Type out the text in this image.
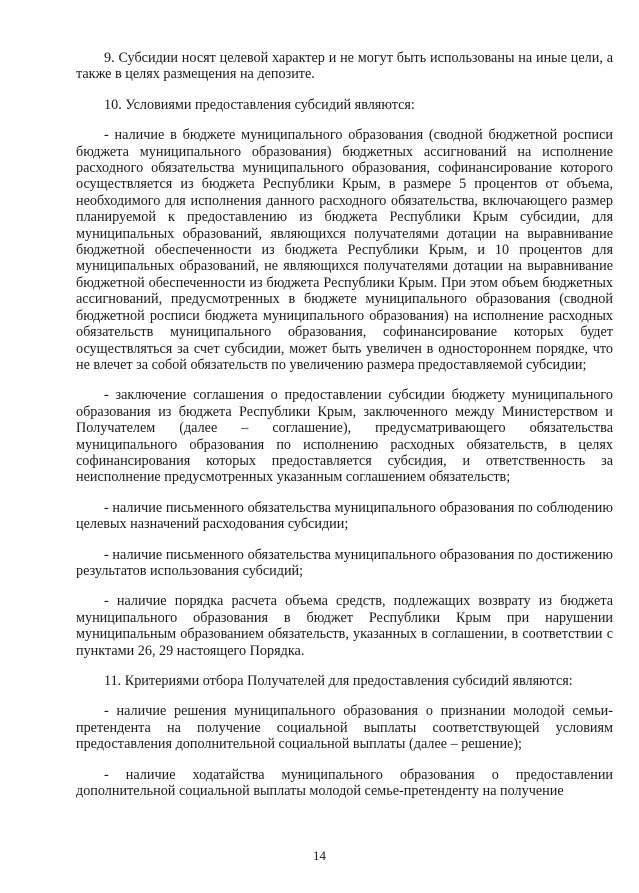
9. Субсидии носят целевой характер и не могут быть использованы на иные цели, а также в целях размещения на депозите.

10. Условиями предоставления субсидий являются:

- наличие в бюджете муниципального образования (сводной бюджетной росписи бюджета муниципального образования) бюджетных ассигнований на исполнение расходного обязательства муниципального образования, софинансирование которого осуществляется из бюджета Республики Крым, в размере 5 процентов от объема, необходимого для исполнения данного расходного обязательства, включающего размер планируемой к предоставлению из бюджета Республики Крым субсидии, для муниципальных образований, являющихся получателями дотации на выравнивание бюджетной обеспеченности из бюджета Республики Крым, и 10 процентов для муниципальных образований, не являющихся получателями дотации на выравнивание бюджетной обеспеченности из бюджета Республики Крым. При этом объем бюджетных ассигнований, предусмотренных в бюджете муниципального образования (сводной бюджетной росписи бюджета муниципального образования) на исполнение расходных обязательств муниципального образования, софинансирование которых будет осуществляться за счет субсидии, может быть увеличен в одностороннем порядке, что не влечет за собой обязательств по увеличению размера предоставляемой субсидии;

- заключение соглашения о предоставлении субсидии бюджету муниципального образования из бюджета Республики Крым, заключенного между Министерством и Получателем (далее – соглашение), предусматривающего обязательства муниципального образования по исполнению расходных обязательств, в целях софинансирования которых предоставляется субсидия, и ответственность за неисполнение предусмотренных указанным соглашением обязательств;

- наличие письменного обязательства муниципального образования по соблюдению целевых назначений расходования субсидии;

- наличие письменного обязательства муниципального образования по достижению результатов использования субсидий;

- наличие порядка расчета объема средств, подлежащих возврату из бюджета муниципального образования в бюджет Республики Крым при нарушении муниципальным образованием обязательств, указанных в соглашении, в соответствии с пунктами 26, 29 настоящего Порядка.

11. Критериями отбора Получателей для предоставления субсидий являются:

- наличие решения муниципального образования о признании молодой семьи-претендента на получение социальной выплаты соответствующей условиям предоставления дополнительной социальной выплаты (далее – решение);

- наличие ходатайства муниципального образования о предоставлении дополнительной социальной выплаты молодой семье-претенденту на получение

14
